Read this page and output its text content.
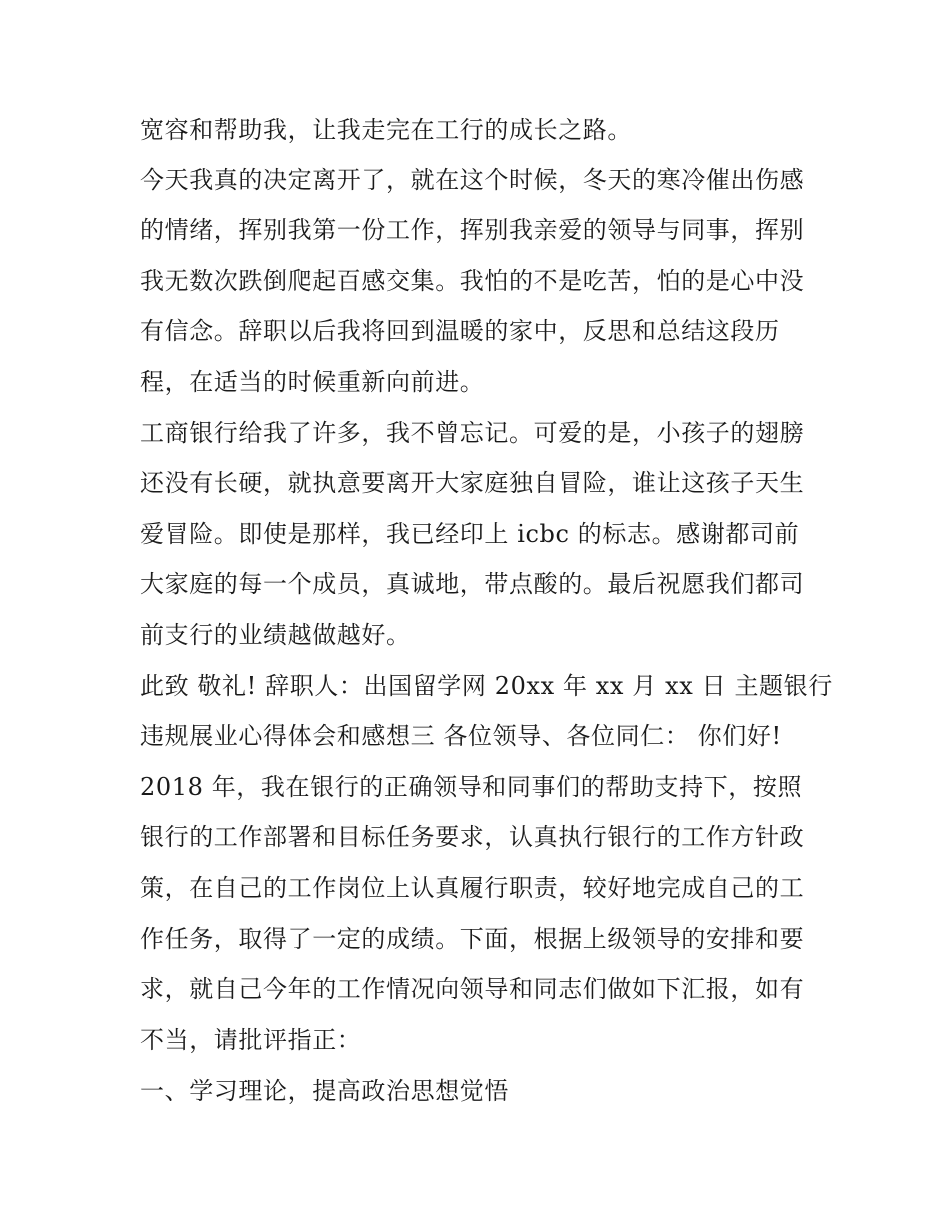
宽容和帮助我，让我走完在工行的成长之路。
今天我真的决定离开了，就在这个时候，冬天的寒冷催出伤感
的情绪，挥别我第一份工作，挥别我亲爱的领导与同事，挥别
我无数次跌倒爬起百感交集。我怕的不是吃苦，怕的是心中没
有信念。辞职以后我将回到温暖的家中，反思和总结这段历
程，在适当的时候重新向前进。
工商银行给我了许多，我不曾忘记。可爱的是，小孩子的翅膀
还没有长硬，就执意要离开大家庭独自冒险，谁让这孩子天生
爱冒险。即使是那样，我已经印上 icbc 的标志。感谢都司前
大家庭的每一个成员，真诚地，带点酸的。最后祝愿我们都司
前支行的业绩越做越好。
此致 敬礼! 辞职人：出国留学网 20xx 年 xx 月 xx 日 主题银行
违规展业心得体会和感想三 各位领导、各位同仁： 你们好!
2018 年，我在银行的正确领导和同事们的帮助支持下，按照
银行的工作部署和目标任务要求，认真执行银行的工作方针政
策，在自己的工作岗位上认真履行职责，较好地完成自己的工
作任务，取得了一定的成绩。下面，根据上级领导的安排和要
求，就自己今年的工作情况向领导和同志们做如下汇报，如有
不当，请批评指正：
一、学习理论，提高政治思想觉悟
